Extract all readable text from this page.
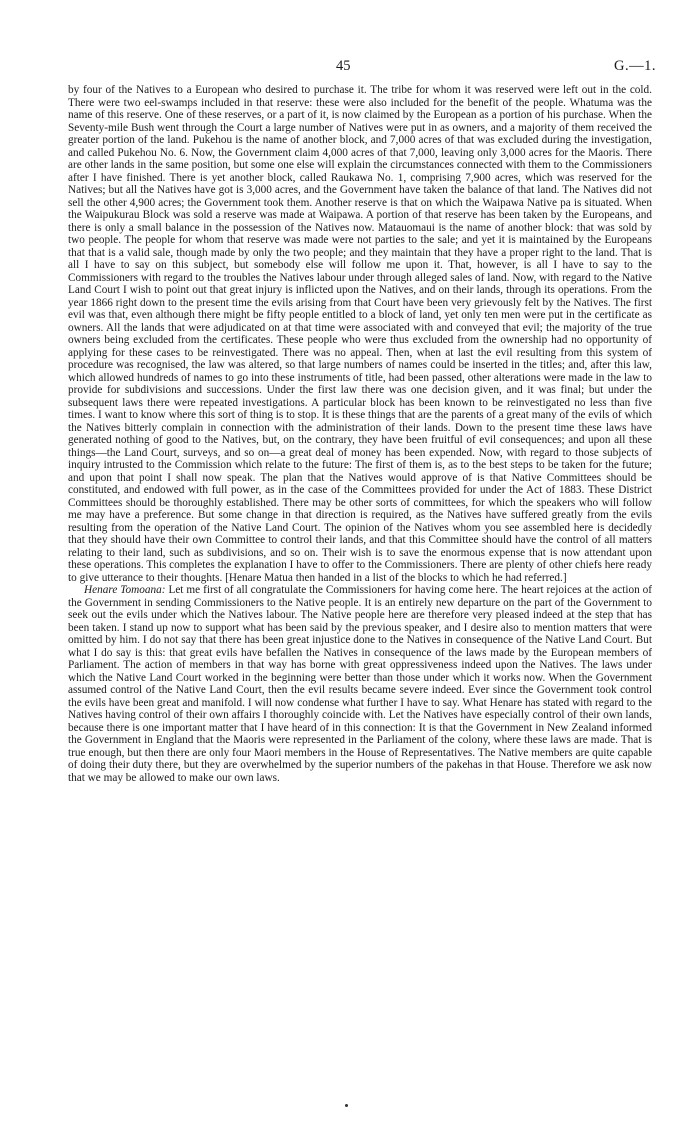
45	G.—1.

by four of the Natives to a European who desired to purchase it. The tribe for whom it was reserved were left out in the cold. There were two eel-swamps included in that reserve: these were also included for the benefit of the people. Whatuma was the name of this reserve. One of these reserves, or a part of it, is now claimed by the European as a portion of his purchase. When the Seventy-mile Bush went through the Court a large number of Natives were put in as owners, and a majority of them received the greater portion of the land. Pukehou is the name of another block, and 7,000 acres of that was excluded during the investigation, and called Pukehou No. 6. Now, the Government claim 4,000 acres of that 7,000, leaving only 3,000 acres for the Maoris. There are other lands in the same position, but some one else will explain the circumstances connected with them to the Commissioners after I have finished. There is yet another block, called Raukawa No. 1, comprising 7,900 acres, which was reserved for the Natives; but all the Natives have got is 3,000 acres, and the Government have taken the balance of that land. The Natives did not sell the other 4,900 acres; the Government took them. Another reserve is that on which the Waipawa Native pa is situated. When the Waipukurau Block was sold a reserve was made at Waipawa. A portion of that reserve has been taken by the Europeans, and there is only a small balance in the possession of the Natives now. Matauomaui is the name of another block: that was sold by two people. The people for whom that reserve was made were not parties to the sale; and yet it is maintained by the Europeans that that is a valid sale, though made by only the two people; and they maintain that they have a proper right to the land. That is all I have to say on this subject, but somebody else will follow me upon it. That, however, is all I have to say to the Commissioners with regard to the troubles the Natives labour under through alleged sales of land. Now, with regard to the Native Land Court I wish to point out that great injury is inflicted upon the Natives, and on their lands, through its operations. From the year 1866 right down to the present time the evils arising from that Court have been very grievously felt by the Natives. The first evil was that, even although there might be fifty people entitled to a block of land, yet only ten men were put in the certificate as owners. All the lands that were adjudicated on at that time were associated with and conveyed that evil; the majority of the true owners being excluded from the certificates. These people who were thus excluded from the ownership had no opportunity of applying for these cases to be reinvestigated. There was no appeal. Then, when at last the evil resulting from this system of procedure was recognised, the law was altered, so that large numbers of names could be inserted in the titles; and, after this law, which allowed hundreds of names to go into these instruments of title, had been passed, other alterations were made in the law to provide for subdivisions and successions. Under the first law there was one decision given, and it was final; but under the subsequent laws there were repeated investigations. A particular block has been known to be reinvestigated no less than five times. I want to know where this sort of thing is to stop. It is these things that are the parents of a great many of the evils of which the Natives bitterly complain in connection with the administration of their lands. Down to the present time these laws have generated nothing of good to the Natives, but, on the contrary, they have been fruitful of evil consequences; and upon all these things—the Land Court, surveys, and so on—a great deal of money has been expended. Now, with regard to those subjects of inquiry intrusted to the Commission which relate to the future: The first of them is, as to the best steps to be taken for the future; and upon that point I shall now speak. The plan that the Natives would approve of is that Native Committees should be constituted, and endowed with full power, as in the case of the Committees provided for under the Act of 1883. These District Committees should be thoroughly established. There may be other sorts of committees, for which the speakers who will follow me may have a preference. But some change in that direction is required, as the Natives have suffered greatly from the evils resulting from the operation of the Native Land Court. The opinion of the Natives whom you see assembled here is decidedly that they should have their own Committee to control their lands, and that this Committee should have the control of all matters relating to their land, such as subdivisions, and so on. Their wish is to save the enormous expense that is now attendant upon these operations. This completes the explanation I have to offer to the Commissioners. There are plenty of other chiefs here ready to give utterance to their thoughts. [Henare Matua then handed in a list of the blocks to which he had referred.]

Henare Tomoana: Let me first of all congratulate the Commissioners for having come here. The heart rejoices at the action of the Government in sending Commissioners to the Native people. It is an entirely new departure on the part of the Government to seek out the evils under which the Natives labour. The Native people here are therefore very pleased indeed at the step that has been taken. I stand up now to support what has been said by the previous speaker, and I desire also to mention matters that were omitted by him. I do not say that there has been great injustice done to the Natives in consequence of the Native Land Court. But what I do say is this: that great evils have befallen the Natives in consequence of the laws made by the European members of Parliament. The action of members in that way has borne with great oppressiveness indeed upon the Natives. The laws under which the Native Land Court worked in the beginning were better than those under which it works now. When the Government assumed control of the Native Land Court, then the evil results became severe indeed. Ever since the Government took control the evils have been great and manifold. I will now condense what further I have to say. What Henare has stated with regard to the Natives having control of their own affairs I thoroughly coincide with. Let the Natives have especially control of their own lands, because there is one important matter that I have heard of in this connection: It is that the Government in New Zealand informed the Government in England that the Maoris were represented in the Parliament of the colony, where these laws are made. That is true enough, but then there are only four Maori members in the House of Representatives. The Native members are quite capable of doing their duty there, but they are overwhelmed by the superior numbers of the pakehas in that House. Therefore we ask now that we may be allowed to make our own laws.
